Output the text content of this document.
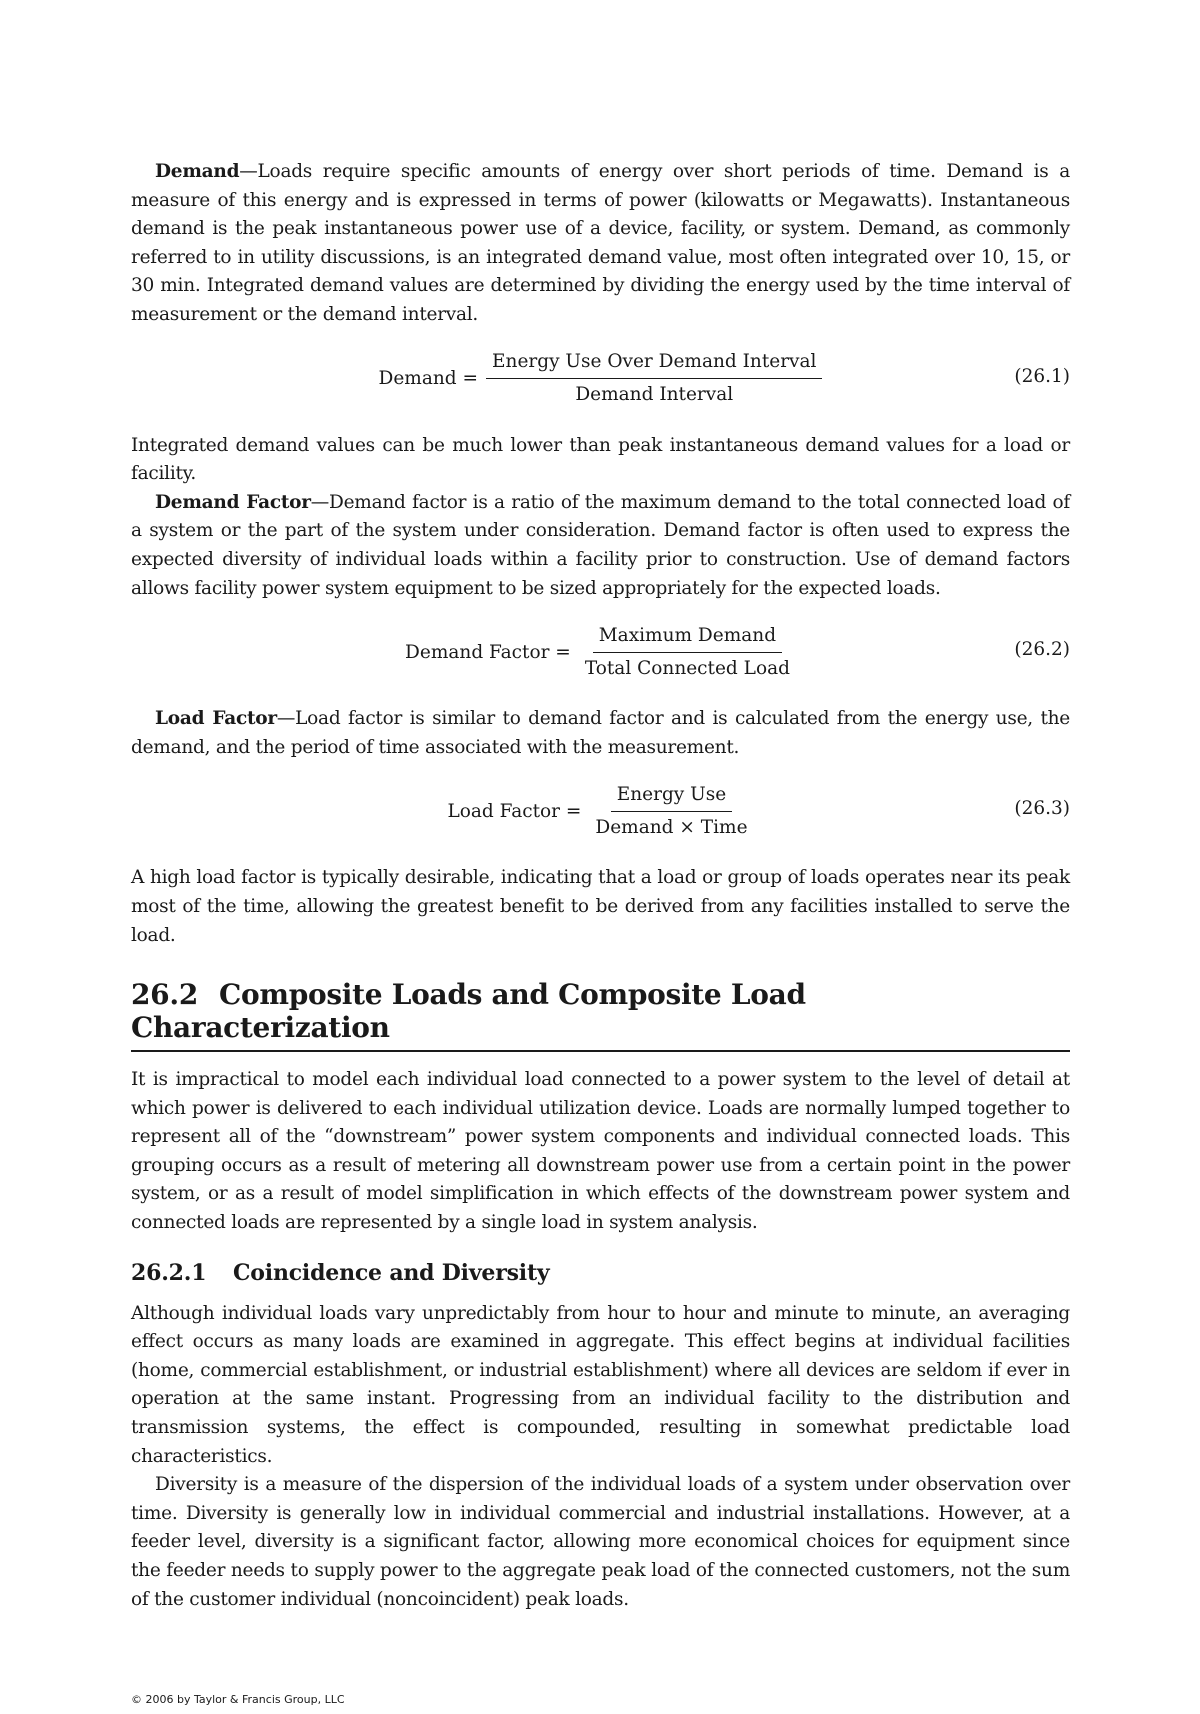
Demand—Loads require specific amounts of energy over short periods of time. Demand is a measure of this energy and is expressed in terms of power (kilowatts or Megawatts). Instantaneous demand is the peak instantaneous power use of a device, facility, or system. Demand, as commonly referred to in utility discussions, is an integrated demand value, most often integrated over 10, 15, or 30 min. Integrated demand values are determined by dividing the energy used by the time interval of measurement or the demand interval.

Demand = $\frac{\text{Energy Use Over Demand Interval}}{\text{Demand Interval}}$	(26.1)

Integrated demand values can be much lower than peak instantaneous demand values for a load or facility.

Demand Factor—Demand factor is a ratio of the maximum demand to the total connected load of a system or the part of the system under consideration. Demand factor is often used to express the expected diversity of individual loads within a facility prior to construction. Use of demand factors allows facility power system equipment to be sized appropriately for the expected loads.

Demand Factor = $\frac{\text{Maximum Demand}}{\text{Total Connected Load}}$	(26.2)

Load Factor—Load factor is similar to demand factor and is calculated from the energy use, the demand, and the period of time associated with the measurement.

Load Factor = $\frac{\text{Energy Use}}{\text{Demand × Time}}$	(26.3)

A high load factor is typically desirable, indicating that a load or group of loads operates near its peak most of the time, allowing the greatest benefit to be derived from any facilities installed to serve the load.

26.2 Composite Loads and Composite Load Characterization

It is impractical to model each individual load connected to a power system to the level of detail at which power is delivered to each individual utilization device. Loads are normally lumped together to represent all of the “downstream” power system components and individual connected loads. This grouping occurs as a result of metering all downstream power use from a certain point in the power system, or as a result of model simplification in which effects of the downstream power system and connected loads are represented by a single load in system analysis.

26.2.1 Coincidence and Diversity

Although individual loads vary unpredictably from hour to hour and minute to minute, an averaging effect occurs as many loads are examined in aggregate. This effect begins at individual facilities (home, commercial establishment, or industrial establishment) where all devices are seldom if ever in operation at the same instant. Progressing from an individual facility to the distribution and transmission systems, the effect is compounded, resulting in somewhat predictable load characteristics.

Diversity is a measure of the dispersion of the individual loads of a system under observation over time. Diversity is generally low in individual commercial and industrial installations. However, at a feeder level, diversity is a significant factor, allowing more economical choices for equipment since the feeder needs to supply power to the aggregate peak load of the connected customers, not the sum of the customer individual (noncoincident) peak loads.

© 2006 by Taylor & Francis Group, LLC
